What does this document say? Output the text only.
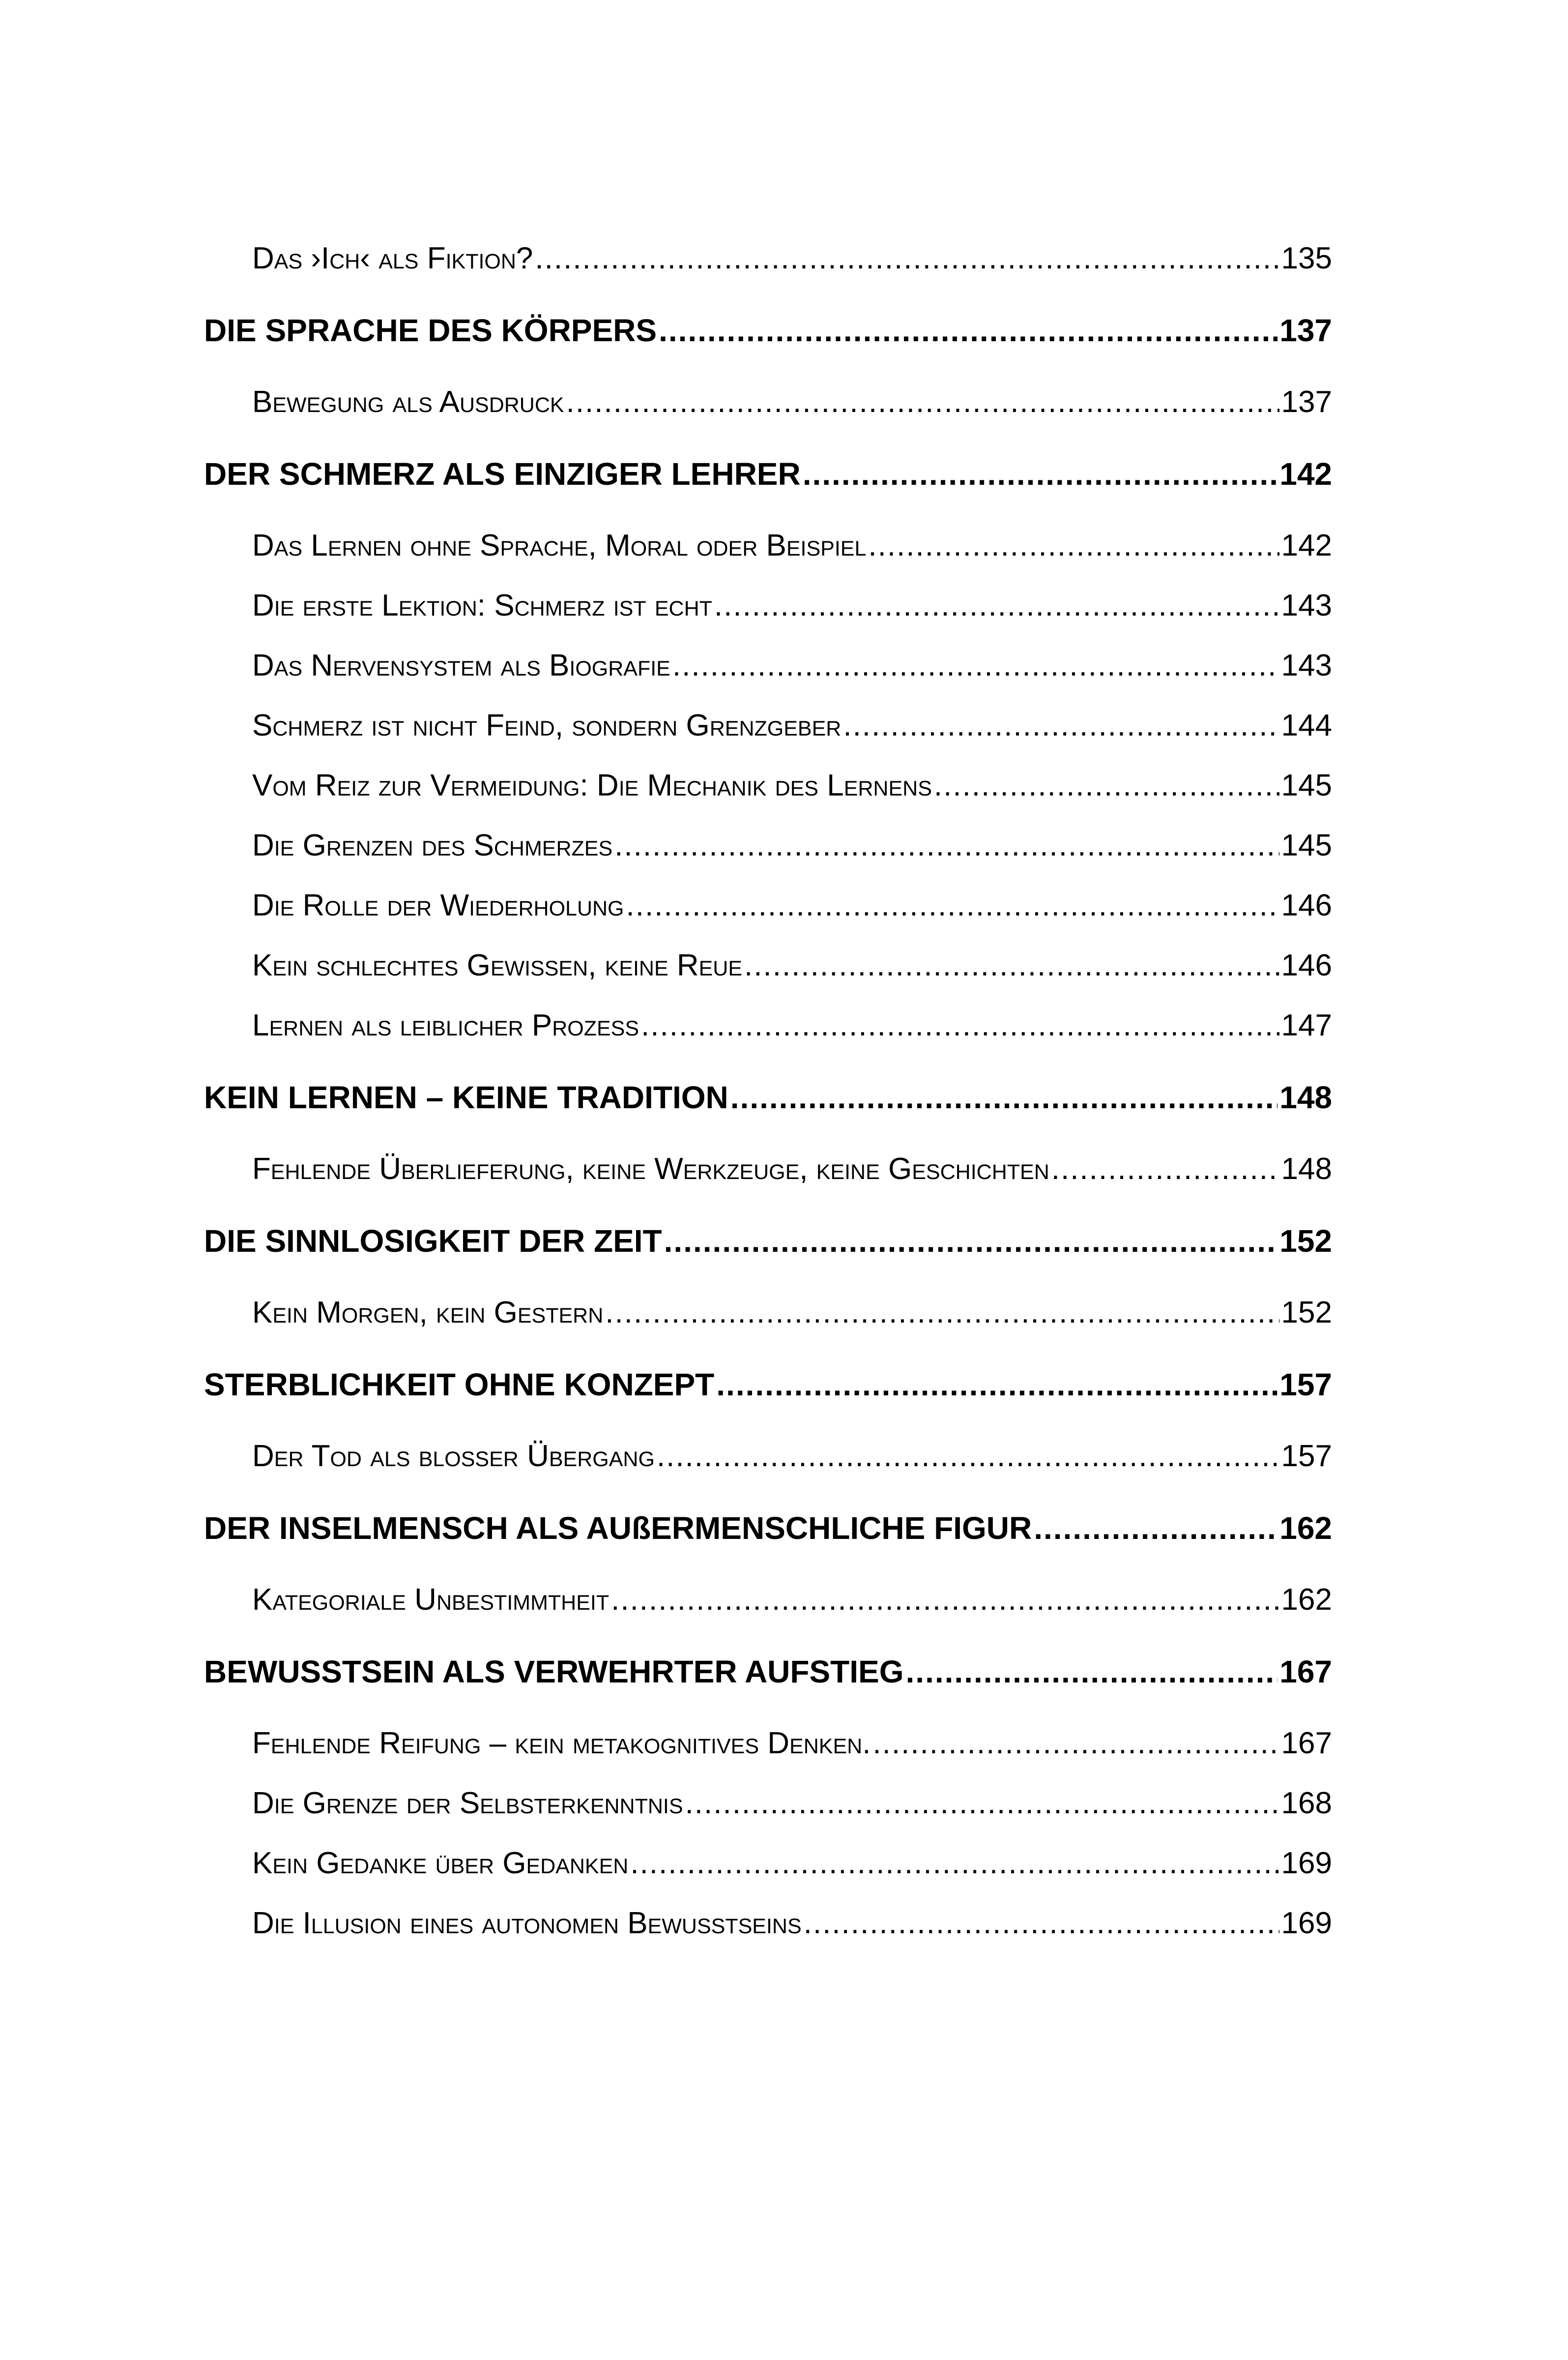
Das ›Ich‹ als Fiktion? .....	135
DIE SPRACHE DES KÖRPERS .....	137
Bewegung als Ausdruck .....	137
DER SCHMERZ ALS EINZIGER LEHRER .....	142
Das Lernen ohne Sprache, Moral oder Beispiel .....	142
Die erste Lektion: Schmerz ist echt .....	143
Das Nervensystem als Biografie .....	143
Schmerz ist nicht Feind, sondern Grenzgeber .....	144
Vom Reiz zur Vermeidung: Die Mechanik des Lernens .....	145
Die Grenzen des Schmerzes .....	145
Die Rolle der Wiederholung .....	146
Kein schlechtes Gewissen, keine Reue .....	146
Lernen als leiblicher Prozess .....	147
KEIN LERNEN – KEINE TRADITION .....	148
Fehlende Überlieferung, keine Werkzeuge, keine Geschichten .....	148
DIE SINNLOSIGKEIT DER ZEIT .....	152
Kein Morgen, kein Gestern .....	152
STERBLICHKEIT OHNE KONZEPT .....	157
Der Tod als bloßer Übergang .....	157
DER INSELMENSCH ALS AUßERMENSCHLICHE FIGUR .....	162
Kategoriale Unbestimmtheit .....	162
BEWUSSTSEIN ALS VERWEHRTER AUFSTIEG .....	167
Fehlende Reifung – kein metakognitives Denken. .....	167
Die Grenze der Selbsterkenntnis .....	168
Kein Gedanke über Gedanken .....	169
Die Illusion eines autonomen Bewusstseins .....	169
